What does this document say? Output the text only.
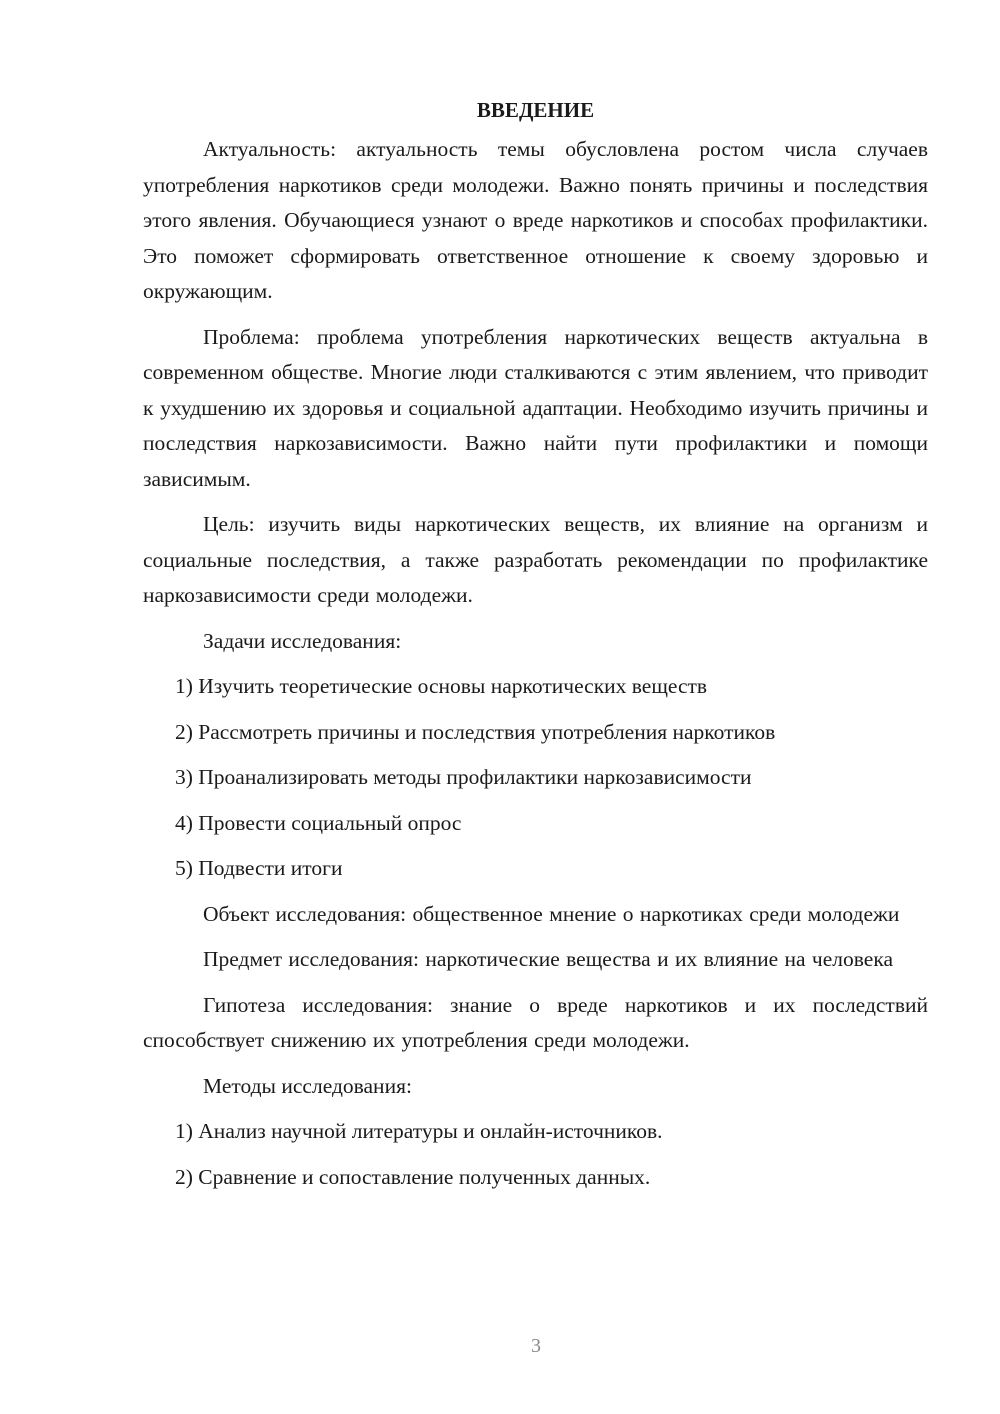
ВВЕДЕНИЕ

Актуальность: актуальность темы обусловлена ростом числа случаев употребления наркотиков среди молодежи. Важно понять причины и последствия этого явления. Обучающиеся узнают о вреде наркотиков и способах профилактики. Это поможет сформировать ответственное отношение к своему здоровью и окружающим.

Проблема: проблема употребления наркотических веществ актуальна в современном обществе. Многие люди сталкиваются с этим явлением, что приводит к ухудшению их здоровья и социальной адаптации. Необходимо изучить причины и последствия наркозависимости. Важно найти пути профилактики и помощи зависимым.

Цель: изучить виды наркотических веществ, их влияние на организм и социальные последствия, а также разработать рекомендации по профилактике наркозависимости среди молодежи.

Задачи исследования:

1) Изучить теоретические основы наркотических веществ

2) Рассмотреть причины и последствия употребления наркотиков

3) Проанализировать методы профилактики наркозависимости

4) Провести социальный опрос

5) Подвести итоги

Объект исследования: общественное мнение о наркотиках среди молодежи

Предмет исследования: наркотические вещества и их влияние на человека

Гипотеза исследования: знание о вреде наркотиков и их последствий способствует снижению их употребления среди молодежи.

Методы исследования:

1) Анализ научной литературы и онлайн-источников.

2) Сравнение и сопоставление полученных данных.

3
